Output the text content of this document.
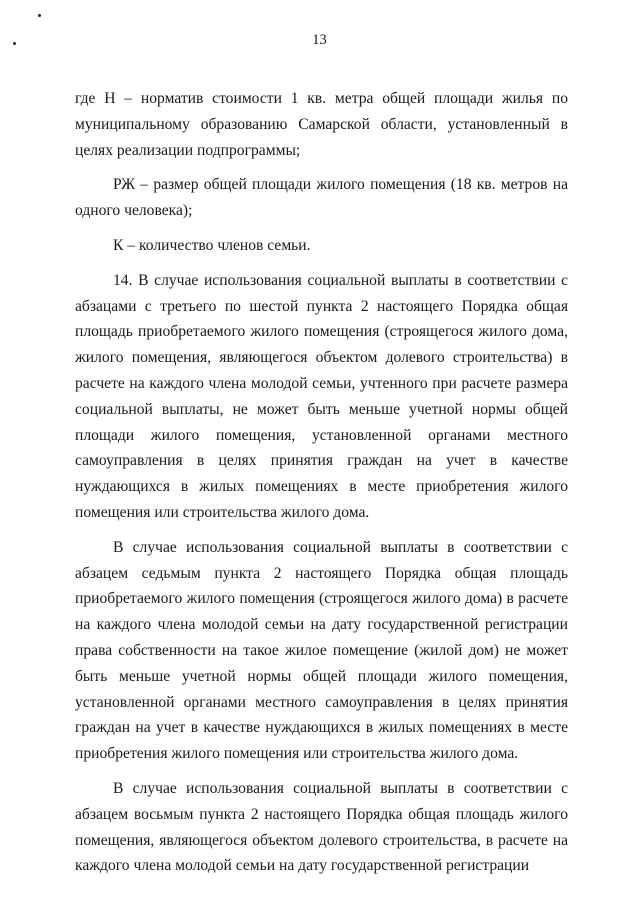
13

где Н – норматив стоимости 1 кв. метра общей площади жилья по муниципальному образованию Самарской области, установленный в целях реализации подпрограммы;

РЖ – размер общей площади жилого помещения (18 кв. метров на одного человека);

К – количество членов семьи.

14. В случае использования социальной выплаты в соответствии с абзацами с третьего по шестой пункта 2 настоящего Порядка общая площадь приобретаемого жилого помещения (строящегося жилого дома, жилого помещения, являющегося объектом долевого строительства) в расчете на каждого члена молодой семьи, учтенного при расчете размера социальной выплаты, не может быть меньше учетной нормы общей площади жилого помещения, установленной органами местного самоуправления в целях принятия граждан на учет в качестве нуждающихся в жилых помещениях в месте приобретения жилого помещения или строительства жилого дома.

В случае использования социальной выплаты в соответствии с абзацем седьмым пункта 2 настоящего Порядка общая площадь приобретаемого жилого помещения (строящегося жилого дома) в расчете на каждого члена молодой семьи на дату государственной регистрации права собственности на такое жилое помещение (жилой дом) не может быть меньше учетной нормы общей площади жилого помещения, установленной органами местного самоуправления в целях принятия граждан на учет в качестве нуждающихся в жилых помещениях в месте приобретения жилого помещения или строительства жилого дома.

В случае использования социальной выплаты в соответствии с абзацем восьмым пункта 2 настоящего Порядка общая площадь жилого помещения, являющегося объектом долевого строительства, в расчете на каждого члена молодой семьи на дату государственной регистрации
